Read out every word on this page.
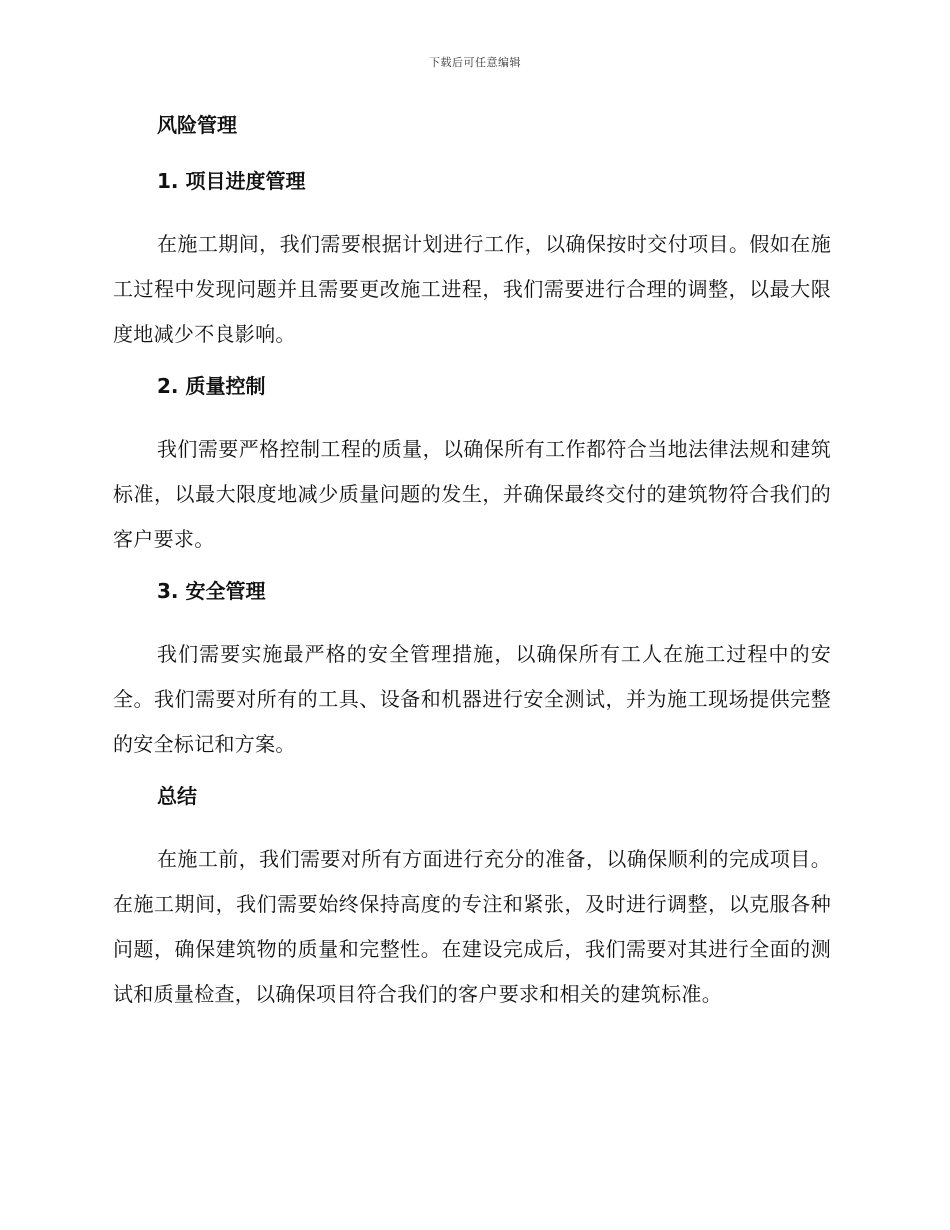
下载后可任意编辑
风险管理
1. 项目进度管理

在施工期间，我们需要根据计划进行工作，以确保按时交付项目。假如在施工过程中发现问题并且需要更改施工进程，我们需要进行合理的调整，以最大限度地减少不良影响。

2. 质量控制

我们需要严格控制工程的质量，以确保所有工作都符合当地法律法规和建筑标准，以最大限度地减少质量问题的发生，并确保最终交付的建筑物符合我们的客户要求。

3. 安全管理

我们需要实施最严格的安全管理措施，以确保所有工人在施工过程中的安全。我们需要对所有的工具、设备和机器进行安全测试，并为施工现场提供完整的安全标记和方案。

总结

在施工前，我们需要对所有方面进行充分的准备，以确保顺利的完成项目。在施工期间，我们需要始终保持高度的专注和紧张，及时进行调整，以克服各种问题，确保建筑物的质量和完整性。在建设完成后，我们需要对其进行全面的测试和质量检查，以确保项目符合我们的客户要求和相关的建筑标准。
